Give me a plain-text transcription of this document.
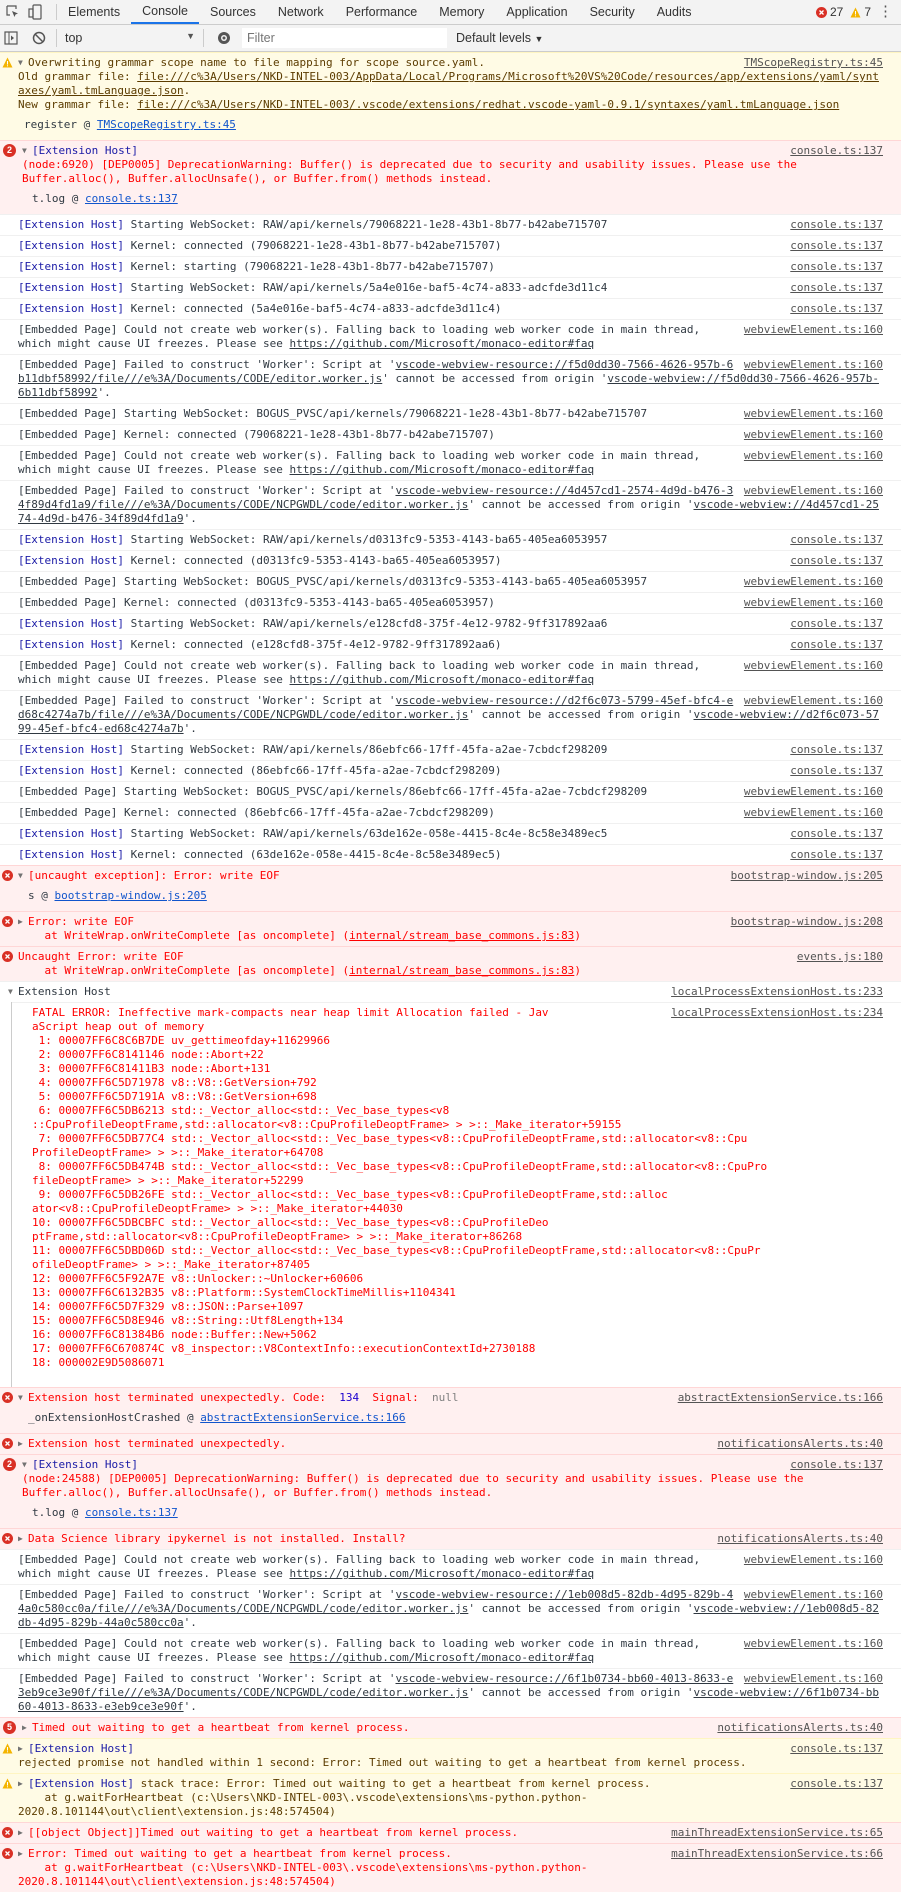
Elements	Console	Sources	Network	Performance	Memory	Application	Security	Audits	27 7 ⋮
top	▼
Filter	Default levels ▼
TMScopeRegistry.ts:45
▼ Overwriting grammar scope name to file mapping for scope source.yaml.
Old grammar file: file:///c%3A/Users/NKD-INTEL-003/AppData/Local/Programs/Microsoft%20VS%20Code/resources/app/extensions/yaml/syntaxes/yaml.tmLanguage.json.
New grammar file: file:///c%3A/Users/NKD-INTEL-003/.vscode/extensions/redhat.vscode-yaml-0.9.1/syntaxes/yaml.tmLanguage.json
register @ TMScopeRegistry.ts:45
2	console.ts:137
▼ [Extension Host]
(node:6920) [DEP0005] DeprecationWarning: Buffer() is deprecated due to security and usability issues. Please use the Buffer.alloc(), Buffer.allocUnsafe(), or Buffer.from() methods instead.
t.log @ console.ts:137
console.ts:137
[Extension Host] Starting WebSocket: RAW/api/kernels/79068221-1e28-43b1-8b77-b42abe715707
console.ts:137
[Extension Host] Kernel: connected (79068221-1e28-43b1-8b77-b42abe715707)
console.ts:137
[Extension Host] Kernel: starting (79068221-1e28-43b1-8b77-b42abe715707)
console.ts:137
[Extension Host] Starting WebSocket: RAW/api/kernels/5a4e016e-baf5-4c74-a833-adcfde3d11c4
console.ts:137
[Extension Host] Kernel: connected (5a4e016e-baf5-4c74-a833-adcfde3d11c4)
webviewElement.ts:160
[Embedded Page] Could not create web worker(s). Falling back to loading web worker code in main thread, which might cause UI freezes. Please see https://github.com/Microsoft/monaco-editor#faq
webviewElement.ts:160
[Embedded Page] Failed to construct 'Worker': Script at 'vscode-webview-resource://f5d0dd30-7566-4626-957b-6b11dbf58992/file///e%3A/Documents/CODE/editor.worker.js' cannot be accessed from origin 'vscode-webview://f5d0dd30-7566-4626-957b-6b11dbf58992'.
webviewElement.ts:160
[Embedded Page] Starting WebSocket: BOGUS_PVSC/api/kernels/79068221-1e28-43b1-8b77-b42abe715707
webviewElement.ts:160
[Embedded Page] Kernel: connected (79068221-1e28-43b1-8b77-b42abe715707)
webviewElement.ts:160
[Embedded Page] Could not create web worker(s). Falling back to loading web worker code in main thread, which might cause UI freezes. Please see https://github.com/Microsoft/monaco-editor#faq
webviewElement.ts:160
[Embedded Page] Failed to construct 'Worker': Script at 'vscode-webview-resource://4d457cd1-2574-4d9d-b476-34f89d4fd1a9/file///e%3A/Documents/CODE/NCPGWDL/code/editor.worker.js' cannot be accessed from origin 'vscode-webview://4d457cd1-2574-4d9d-b476-34f89d4fd1a9'.
console.ts:137
[Extension Host] Starting WebSocket: RAW/api/kernels/d0313fc9-5353-4143-ba65-405ea6053957
console.ts:137
[Extension Host] Kernel: connected (d0313fc9-5353-4143-ba65-405ea6053957)
webviewElement.ts:160
[Embedded Page] Starting WebSocket: BOGUS_PVSC/api/kernels/d0313fc9-5353-4143-ba65-405ea6053957
webviewElement.ts:160
[Embedded Page] Kernel: connected (d0313fc9-5353-4143-ba65-405ea6053957)
console.ts:137
[Extension Host] Starting WebSocket: RAW/api/kernels/e128cfd8-375f-4e12-9782-9ff317892aa6
console.ts:137
[Extension Host] Kernel: connected (e128cfd8-375f-4e12-9782-9ff317892aa6)
webviewElement.ts:160
[Embedded Page] Could not create web worker(s). Falling back to loading web worker code in main thread, which might cause UI freezes. Please see https://github.com/Microsoft/monaco-editor#faq
webviewElement.ts:160
[Embedded Page] Failed to construct 'Worker': Script at 'vscode-webview-resource://d2f6c073-5799-45ef-bfc4-ed68c4274a7b/file///e%3A/Documents/CODE/NCPGWDL/code/editor.worker.js' cannot be accessed from origin 'vscode-webview://d2f6c073-5799-45ef-bfc4-ed68c4274a7b'.
console.ts:137
[Extension Host] Starting WebSocket: RAW/api/kernels/86ebfc66-17ff-45fa-a2ae-7cbdcf298209
console.ts:137
[Extension Host] Kernel: connected (86ebfc66-17ff-45fa-a2ae-7cbdcf298209)
webviewElement.ts:160
[Embedded Page] Starting WebSocket: BOGUS_PVSC/api/kernels/86ebfc66-17ff-45fa-a2ae-7cbdcf298209
webviewElement.ts:160
[Embedded Page] Kernel: connected (86ebfc66-17ff-45fa-a2ae-7cbdcf298209)
console.ts:137
[Extension Host] Starting WebSocket: RAW/api/kernels/63de162e-058e-4415-8c4e-8c58e3489ec5
console.ts:137
[Extension Host] Kernel: connected (63de162e-058e-4415-8c4e-8c58e3489ec5)
bootstrap-window.js:205
▼ [uncaught exception]: Error: write EOF
s @ bootstrap-window.js:205
bootstrap-window.js:208
▶ Error: write EOF
at WriteWrap.onWriteComplete [as oncomplete] (internal/stream_base_commons.js:83)
events.js:180
Uncaught Error: write EOF
at WriteWrap.onWriteComplete [as oncomplete] (internal/stream_base_commons.js:83)
localProcessExtensionHost.ts:233
▼ Extension Host
localProcessExtensionHost.ts:234
FATAL ERROR: Ineffective mark-compacts near heap limit Allocation failed - Jav
aScript heap out of memory
1: 00007FF6C8C6B7DE uv_gettimeofday+11629966
2: 00007FF6C8141146 node::Abort+22
3: 00007FF6C81411B3 node::Abort+131
4: 00007FF6C5D71978 v8::V8::GetVersion+792
5: 00007FF6C5D7191A v8::V8::GetVersion+698
6: 00007FF6C5DB6213 std::_Vector_alloc<std::_Vec_base_types<v8
::CpuProfileDeoptFrame,std::allocator<v8::CpuProfileDeoptFrame> > >::_Make_iterator+59155
7: 00007FF6C5DB77C4 std::_Vector_alloc<std::_Vec_base_types<v8::CpuProfileDeoptFrame,std::allocator<v8::Cpu
ProfileDeoptFrame> > >::_Make_iterator+64708
8: 00007FF6C5DB474B std::_Vector_alloc<std::_Vec_base_types<v8::CpuProfileDeoptFrame,std::allocator<v8::CpuPro
fileDeoptFrame> > >::_Make_iterator+52299
9: 00007FF6C5DB26FE std::_Vector_alloc<std::_Vec_base_types<v8::CpuProfileDeoptFrame,std::alloc
ator<v8::CpuProfileDeoptFrame> > >::_Make_iterator+44030
10: 00007FF6C5DBCBFC std::_Vector_alloc<std::_Vec_base_types<v8::CpuProfileDeo
ptFrame,std::allocator<v8::CpuProfileDeoptFrame> > >::_Make_iterator+86268
11: 00007FF6C5DBD06D std::_Vector_alloc<std::_Vec_base_types<v8::CpuProfileDeoptFrame,std::allocator<v8::CpuPr
ofileDeoptFrame> > >::_Make_iterator+87405
12: 00007FF6C5F92A7E v8::Unlocker::~Unlocker+60606
13: 00007FF6C6132B35 v8::Platform::SystemClockTimeMillis+1104341
14: 00007FF6C5D7F329 v8::JSON::Parse+1097
15: 00007FF6C5D8E946 v8::String::Utf8Length+134
16: 00007FF6C81384B6 node::Buffer::New+5062
17: 00007FF6C670874C v8_inspector::V8ContextInfo::executionContextId+2730188
18: 000002E9D5086071
abstractExtensionService.ts:166
▼ Extension host terminated unexpectedly. Code:  134  Signal:  null
_onExtensionHostCrashed @ abstractExtensionService.ts:166
notificationsAlerts.ts:40
▶ Extension host terminated unexpectedly.
2	console.ts:137
▼ [Extension Host]
(node:24588) [DEP0005] DeprecationWarning: Buffer() is deprecated due to security and usability issues. Please use the Buffer.alloc(), Buffer.allocUnsafe(), or Buffer.from() methods instead.
t.log @ console.ts:137
notificationsAlerts.ts:40
▶ Data Science library ipykernel is not installed. Install?
webviewElement.ts:160
[Embedded Page] Could not create web worker(s). Falling back to loading web worker code in main thread, which might cause UI freezes. Please see https://github.com/Microsoft/monaco-editor#faq
webviewElement.ts:160
[Embedded Page] Failed to construct 'Worker': Script at 'vscode-webview-resource://1eb008d5-82db-4d95-829b-44a0c580cc0a/file///e%3A/Documents/CODE/NCPGWDL/code/editor.worker.js' cannot be accessed from origin 'vscode-webview://1eb008d5-82db-4d95-829b-44a0c580cc0a'.
webviewElement.ts:160
[Embedded Page] Could not create web worker(s). Falling back to loading web worker code in main thread, which might cause UI freezes. Please see https://github.com/Microsoft/monaco-editor#faq
webviewElement.ts:160
[Embedded Page] Failed to construct 'Worker': Script at 'vscode-webview-resource://6f1b0734-bb60-4013-8633-e3eb9ce3e90f/file///e%3A/Documents/CODE/NCPGWDL/code/editor.worker.js' cannot be accessed from origin 'vscode-webview://6f1b0734-bb60-4013-8633-e3eb9ce3e90f'.
5	notificationsAlerts.ts:40
▶ Timed out waiting to get a heartbeat from kernel process.
console.ts:137
▶ [Extension Host]
rejected promise not handled within 1 second: Error: Timed out waiting to get a heartbeat from kernel process.
console.ts:137
▶ [Extension Host] stack trace: Error: Timed out waiting to get a heartbeat from kernel process.
at g.waitForHeartbeat (c:\Users\NKD-INTEL-003\.vscode\extensions\ms-python.python-
2020.8.101144\out\client\extension.js:48:574504)
mainThreadExtensionService.ts:65
▶ [[object Object]]Timed out waiting to get a heartbeat from kernel process.
mainThreadExtensionService.ts:66
▶ Error: Timed out waiting to get a heartbeat from kernel process.
at g.waitForHeartbeat (c:\Users\NKD-INTEL-003\.vscode\extensions\ms-python.python-
2020.8.101144\out\client\extension.js:48:574504)
